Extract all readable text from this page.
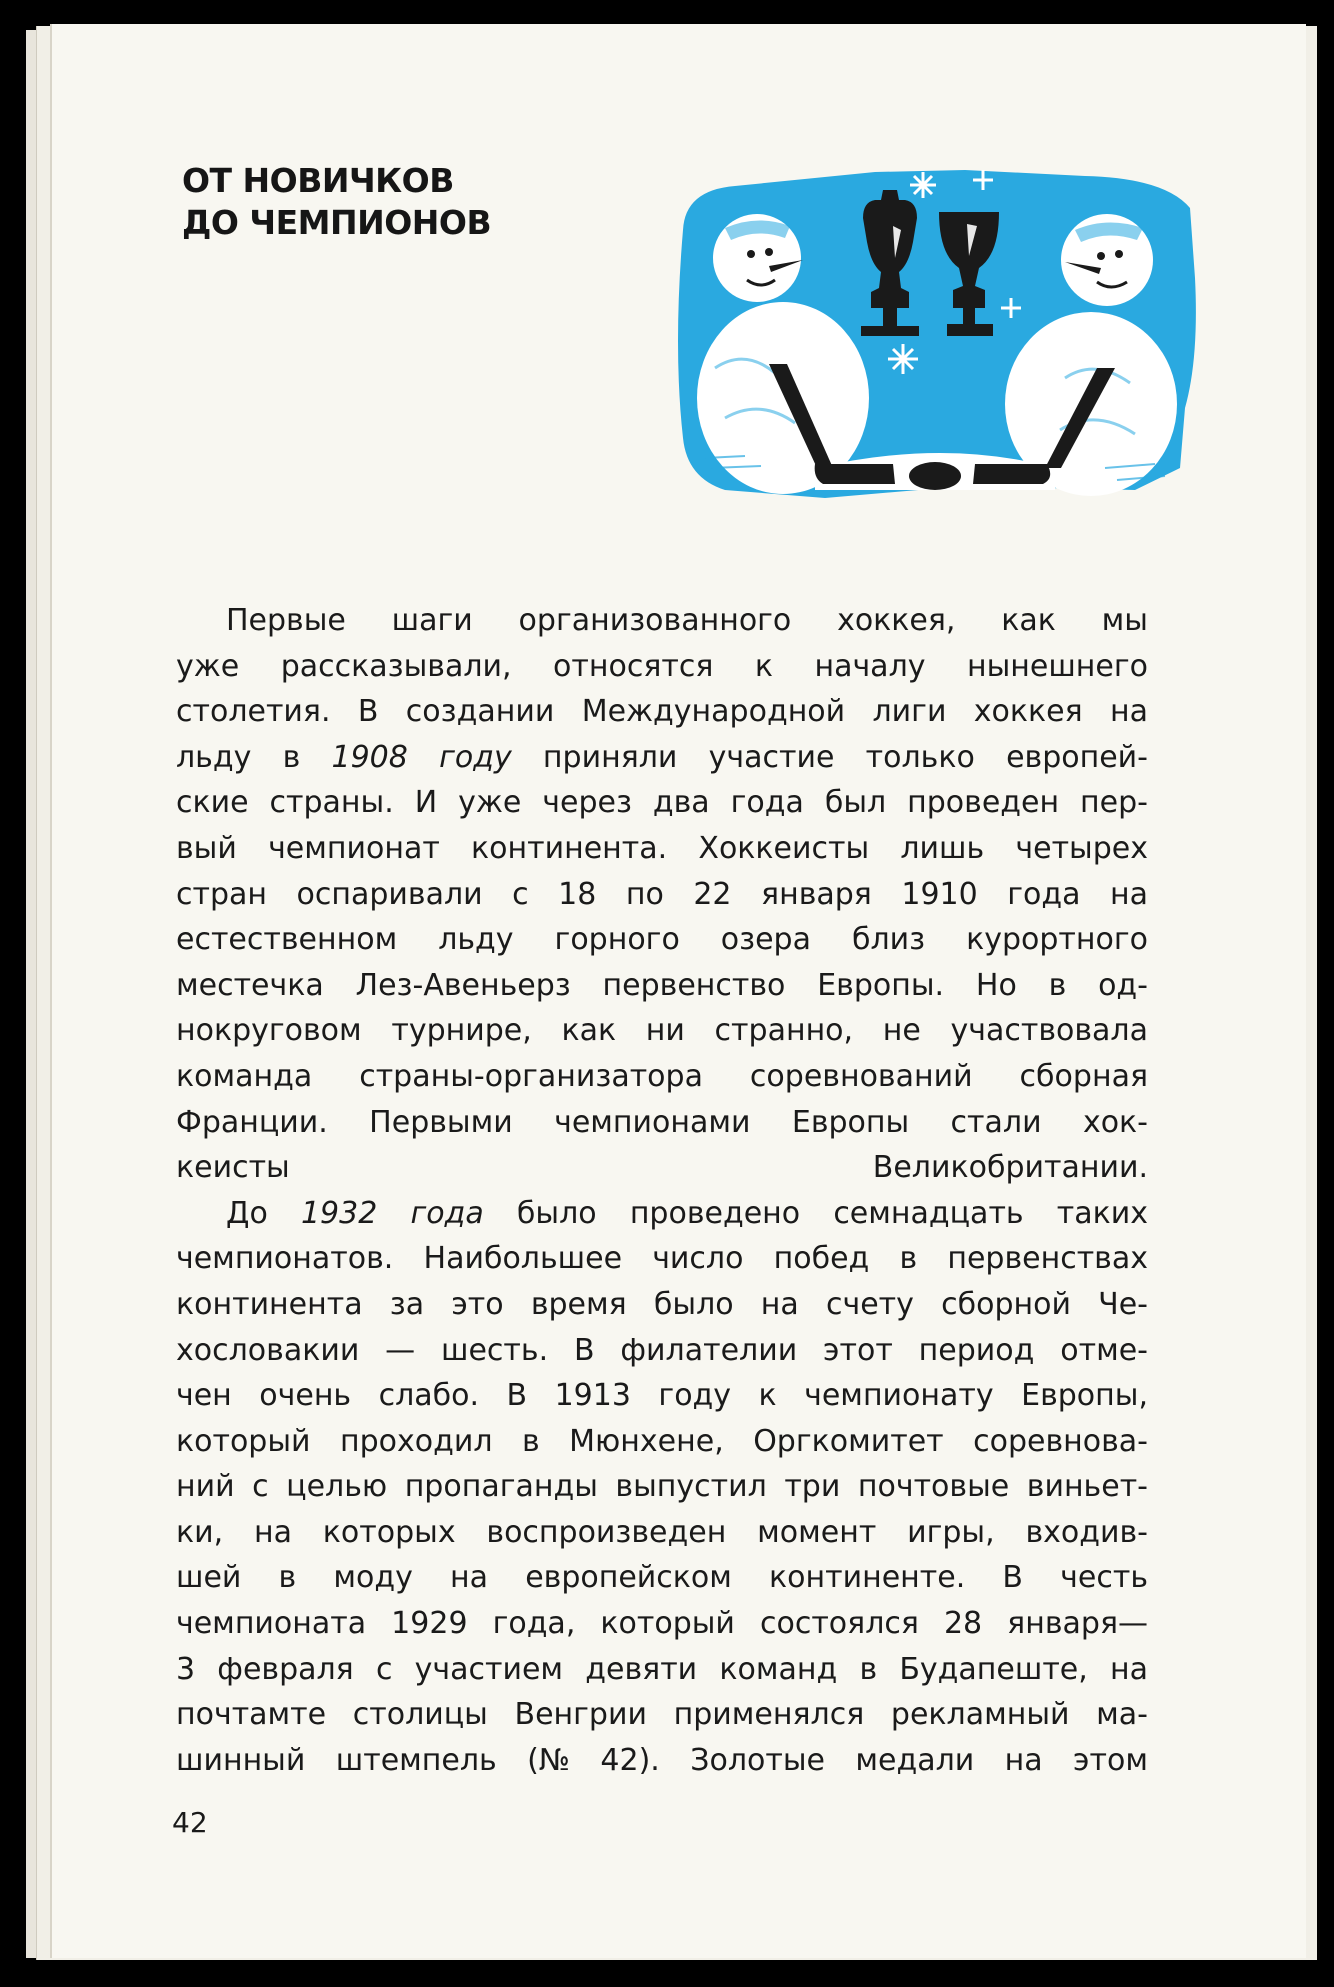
ОТ НОВИЧКОВ
ДО ЧЕМПИОНОВ
Первые шаги организованного хоккея, как мы
уже рассказывали, относятся к началу нынешнего
столетия. В создании Международной лиги хоккея на
льду в 1908 году приняли участие только европей-
ские страны. И уже через два года был проведен пер-
вый чемпионат континента. Хоккеисты лишь четырех
стран оспаривали с 18 по 22 января 1910 года на
естественном льду горного озера близ курортного
местечка Лез-Авеньерз первенство Европы. Но в од-
нокруговом турнире, как ни странно, не участвовала
команда страны-организатора соревнований сборная
Франции. Первыми чемпионами Европы стали хок-
кеисты Великобритании.
До 1932 года было проведено семнадцать таких
чемпионатов. Наибольшее число побед в первенствах
континента за это время было на счету сборной Че-
хословакии — шесть. В филателии этот период отме-
чен очень слабо. В 1913 году к чемпионату Европы,
который проходил в Мюнхене, Оргкомитет соревнова-
ний с целью пропаганды выпустил три почтовые виньет-
ки, на которых воспроизведен момент игры, входив-
шей в моду на европейском континенте. В честь
чемпионата 1929 года, который состоялся 28 января—
3 февраля с участием девяти команд в Будапеште, на
почтамте столицы Венгрии применялся рекламный ма-
шинный штемпель (№ 42). Золотые медали на этом
42
